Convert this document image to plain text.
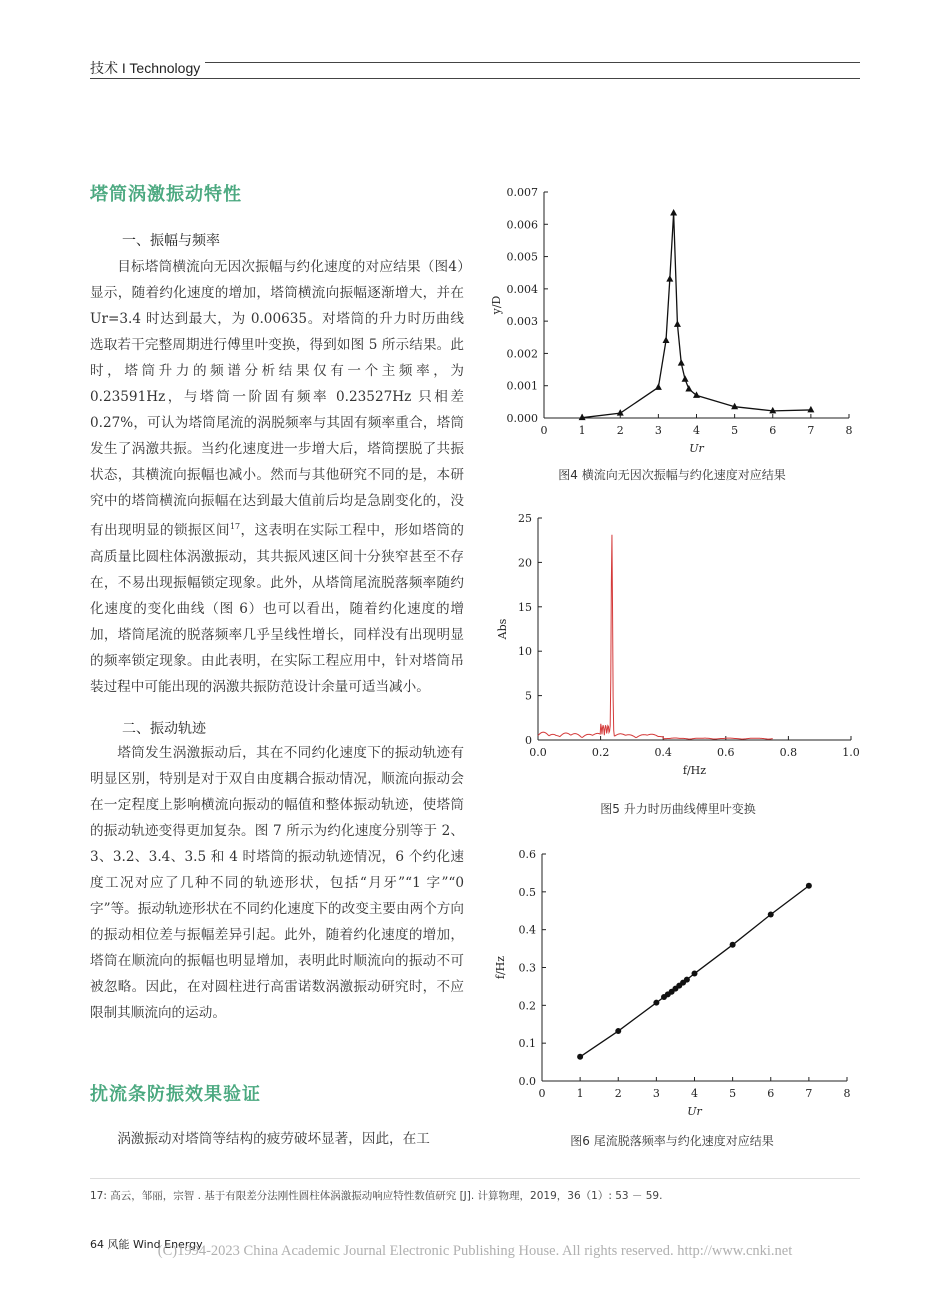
技术 I Technology
塔筒涡激振动特性
一、振幅与频率

目标塔筒横流向无因次振幅与约化速度的对应结果（图4）显示，随着约化速度的增加，塔筒横流向振幅逐渐增大，并在 Ur=3.4 时达到最大，为 0.00635。对塔筒的升力时历曲线选取若干完整周期进行傅里叶变换，得到如图 5 所示结果。此时，塔筒升力的频谱分析结果仅有一个主频率，为 0.23591Hz，与塔筒一阶固有频率 0.23527Hz 只相差 0.27%，可认为塔筒尾流的涡脱频率与其固有频率重合，塔筒发生了涡激共振。当约化速度进一步增大后，塔筒摆脱了共振状态，其横流向振幅也减小。然而与其他研究不同的是，本研究中的塔筒横流向振幅在达到最大值前后均是急剧变化的，没有出现明显的锁振区间$^{17}$，这表明在实际工程中，形如塔筒的高质量比圆柱体涡激振动，其共振风速区间十分狭窄甚至不存在，不易出现振幅锁定现象。此外，从塔筒尾流脱落频率随约化速度的变化曲线（图 6）也可以看出，随着约化速度的增加，塔筒尾流的脱落频率几乎呈线性增长，同样没有出现明显的频率锁定现象。由此表明，在实际工程应用中，针对塔筒吊装过程中可能出现的涡激共振防范设计余量可适当减小。

二、振动轨迹

塔筒发生涡激振动后，其在不同约化速度下的振动轨迹有明显区别，特别是对于双自由度耦合振动情况，顺流向振动会在一定程度上影响横流向振动的幅值和整体振动轨迹，使塔筒的振动轨迹变得更加复杂。图 7 所示为约化速度分别等于 2、3、3.2、3.4、3.5 和 4 时塔筒的振动轨迹情况，6 个约化速度工况对应了几种不同的轨迹形状，包括“月牙”“1 字”“0 字”等。振动轨迹形状在不同约化速度下的改变主要由两个方向的振动相位差与振幅差异引起。此外，随着约化速度的增加，塔筒在顺流向的振幅也明显增加，表明此时顺流向的振动不可被忽略。因此，在对圆柱进行高雷诺数涡激振动研究时，不应限制其顺流向的运动。

扰流条防振效果验证

涡激振动对塔筒等结构的疲劳破坏显著，因此，在工

0	1	2	3	4	5	6	7	8
0.000
0.001
0.002
0.003
0.004
0.005
0.006
0.007
Ur
y/D
图4 横流向无因次振幅与约化速度对应结果
0.0	0.2	0.4	0.6	0.8	1.0
0
5
10
15
20
25
f/Hz
Abs
图5 升力时历曲线傅里叶变换
0	1	2	3	4	5	6	7	8
0.0
0.1
0.2
0.3
0.4
0.5
0.6
Ur
f/Hz
图6 尾流脱落频率与约化速度对应结果
17: 高云，邹丽，宗智 . 基于有限差分法刚性圆柱体涡激振动响应特性数值研究 [J]. 计算物理，2019，36（1）: 53 － 59.
64 风能 Wind Energy
(C)1994-2023 China Academic Journal Electronic Publishing House. All rights reserved. http://www.cnki.net
